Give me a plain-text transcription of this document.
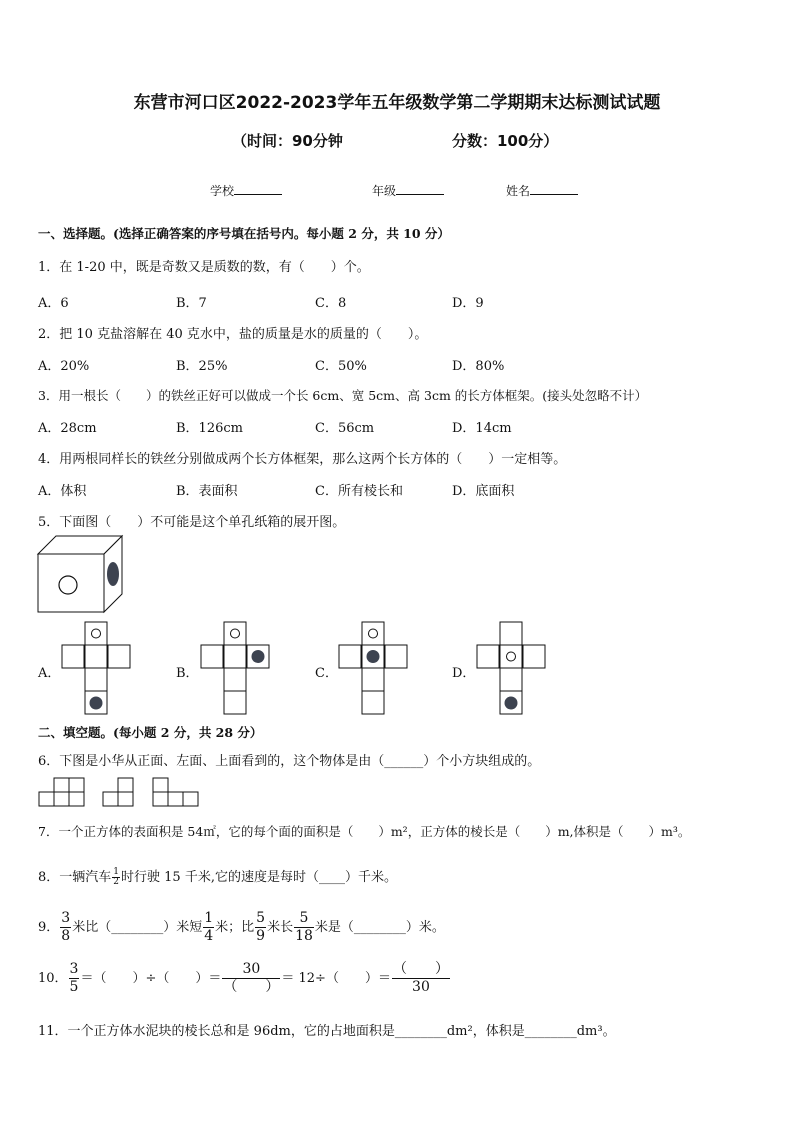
东营市河口区2022-2023学年五年级数学第二学期期末达标测试试题
（时间：90分钟	分数：100分）
学校	年级	姓名
一、选择题。(选择正确答案的序号填在括号内。每小题 2 分，共 10 分）
1．在 1-20 中，既是奇数又是质数的数，有（　　）个。
A．6	B．7	C．8	D．9
2．把 10 克盐溶解在 40 克水中，盐的质量是水的质量的（　　）。
A．20%	B．25%	C．50%	D．80%
3．用一根长（　　）的铁丝正好可以做成一个长 6cm、宽 5cm、高 3cm 的长方体框架。(接头处忽略不计）
A．28cm	B．126cm	C．56cm	D．14cm
4．用两根同样长的铁丝分别做成两个长方体框架，那么这两个长方体的（　　）一定相等。
A．体积	B．表面积	C．所有棱长和	D．底面积
5．下面图（　　）不可能是这个单孔纸箱的展开图。
A．	B．	C．	D．
二、填空题。(每小题 2 分，共 28 分）
6．下图是小华从正面、左面、上面看到的，这个物体是由（______）个小方块组成的。
7．一个正方体的表面积是 54㎡，它的每个面的面积是（　　）m²，正方体的棱长是（　　）m,体积是（　　）m³。
8．一辆汽车 $\frac{1}{2}$ 时行驶 15 千米,它的速度是每时（____）千米。
9． $\frac{3}{8}$ 米比（________）米短 $\frac{1}{4}$ 米；比 $\frac{5}{9}$ 米长 $\frac{5}{18}$ 米是（________）米。
10． $\frac{3}{5}$ ＝（　　）÷（　　）＝ $\frac{30}{( )} = 12\div$（　　）＝ $\frac{( )}{30}$
11．一个正方体水泥块的棱长总和是 96dm，它的占地面积是________dm²，体积是________dm³。
